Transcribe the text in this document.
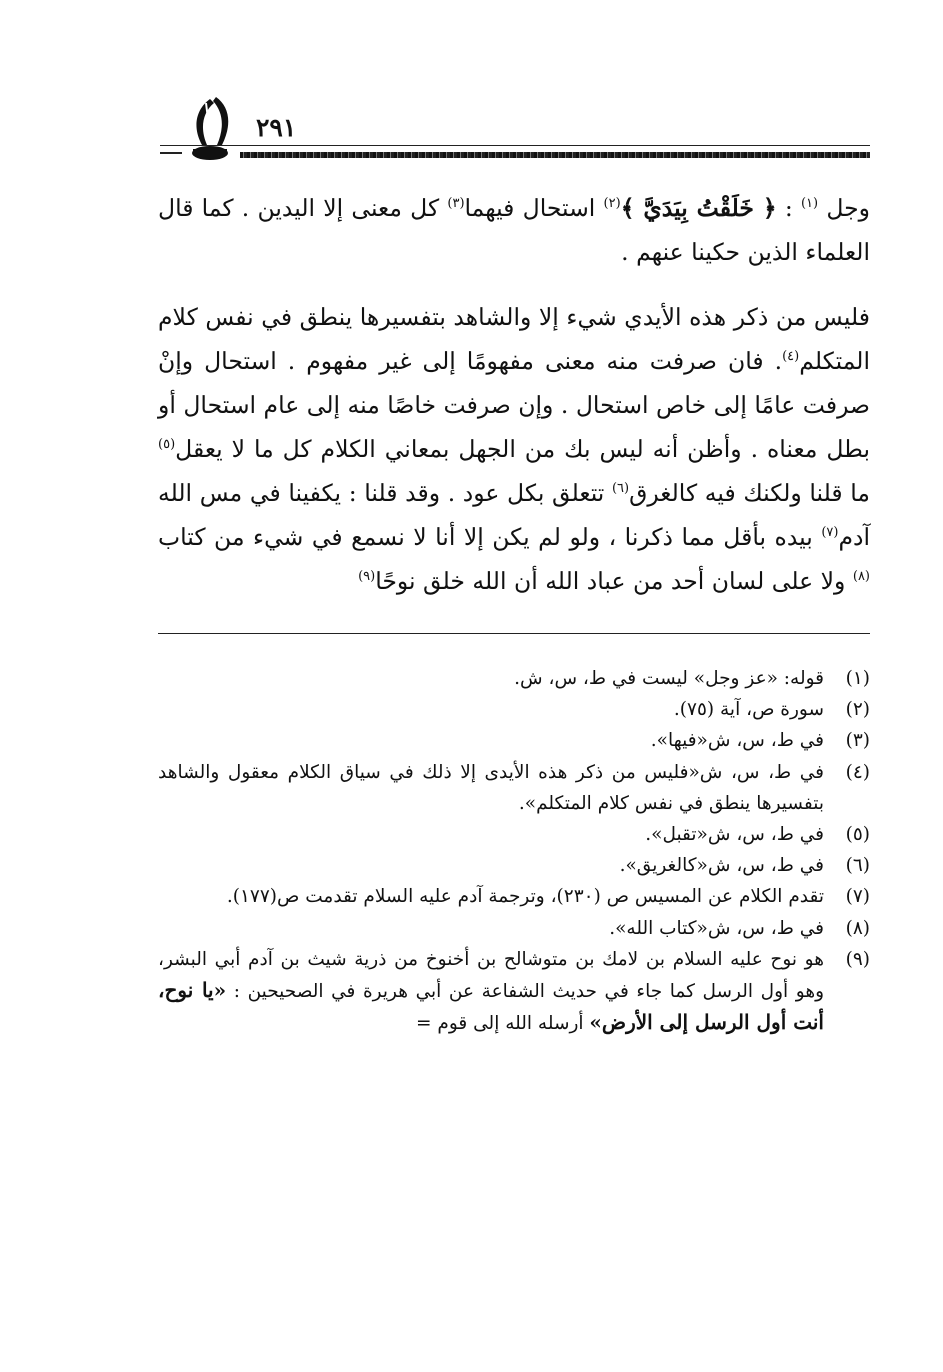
٢٩١

وجل $^{(١)}$ : ﴿ خَلَقْتُ بِيَدَيَّ ﴾$^{(٢)}$ استحال فيهما$^{(٣)}$ كل معنى إلا اليدين . كما قال العلماء الذين حكينا عنهم .

فليس من ذكر هذه الأيدي شيء إلا والشاهد بتفسيرها ينطق في نفس كلام المتكلم$^{(٤)}$. فان صرفت منه معنى مفهومًا إلى غير مفهوم . استحال وإنْ صرفت عامًا إلى خاص استحال . وإن صرفت خاصًا منه إلى عام استحال أو بطل معناه . وأظن أنه ليس بك من الجهل بمعاني الكلام كل ما لا يعقل$^{(٥)}$ ما قلنا ولكنك فيه كالغرق$^{(٦)}$ تتعلق بكل عود . وقد قلنا : يكفينا في مس الله آدم$^{(٧)}$ بيده بأقل مما ذكرنا ، ولو لم يكن إلا أنا لا نسمع في شيء من كتاب $^{(٨)}$ ولا على لسان أحد من عباد الله أن الله خلق نوحًا$^{(٩)}$

(١)
قوله: «عز وجل» ليست في ط، س، ش.
(٢)
سورة ص، آية (٧٥).
(٣)
في ط، س، ش«فيها».
(٤)
في ط، س، ش«فليس من ذكر هذه الأيدى إلا ذلك في سياق الكلام معقول والشاهد بتفسيرها ينطق في نفس كلام المتكلم».
(٥)
في ط، س، ش«تقبل».
(٦)
في ط، س، ش«كالغريق».
(٧)
تقدم الكلام عن المسيس ص (٢٣٠)، وترجمة آدم عليه السلام تقدمت ص(١٧٧).
(٨)
في ط، س، ش«كتاب الله».
(٩)
هو نوح عليه السلام بن لامك بن متوشالح بن أخنوخ من ذرية شيث بن آدم أبي البشر، وهو أول الرسل كما جاء في حديث الشفاعة عن أبي هريرة في الصحيحين : «يا نوح، أنت أول الرسل إلى الأرض» أرسله الله إلى قوم =
